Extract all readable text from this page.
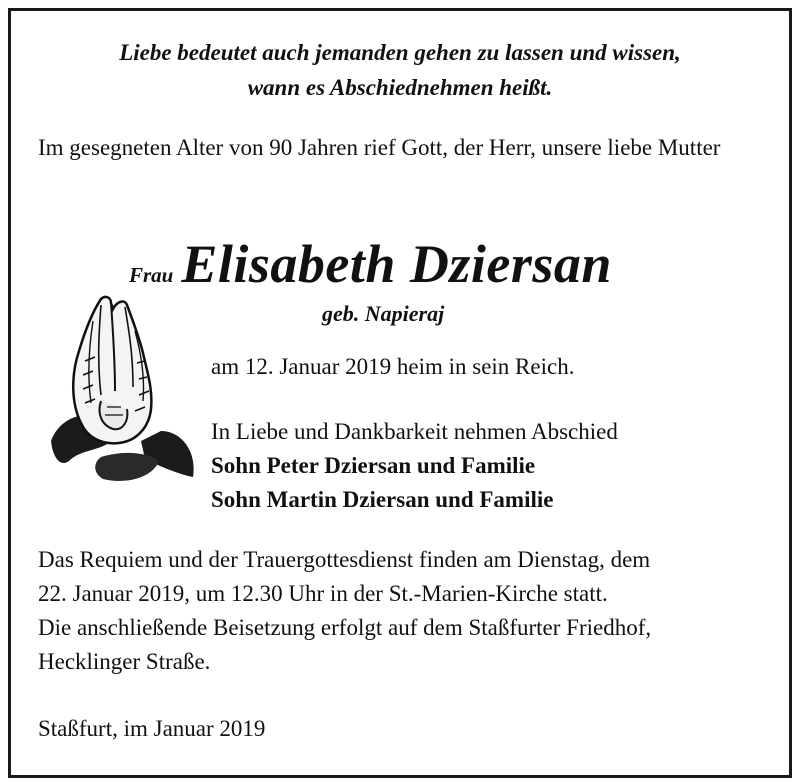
Liebe bedeutet auch jemanden gehen zu lassen und wissen,
wann es Abschiednehmen heißt.
Im gesegneten Alter von 90 Jahren rief Gott, der Herr, unsere liebe Mutter
Frau Elisabeth Dziersan
geb. Napieraj
am 12. Januar 2019 heim in sein Reich.
In Liebe und Dankbarkeit nehmen Abschied
Sohn Peter Dziersan und Familie
Sohn Martin Dziersan und Familie
Das Requiem und der Trauergottesdienst finden am Dienstag, dem
22. Januar 2019, um 12.30 Uhr in der St.-Marien-Kirche statt.
Die anschließende Beisetzung erfolgt auf dem Staßfurter Friedhof,
Hecklinger Straße.
Staßfurt, im Januar 2019
